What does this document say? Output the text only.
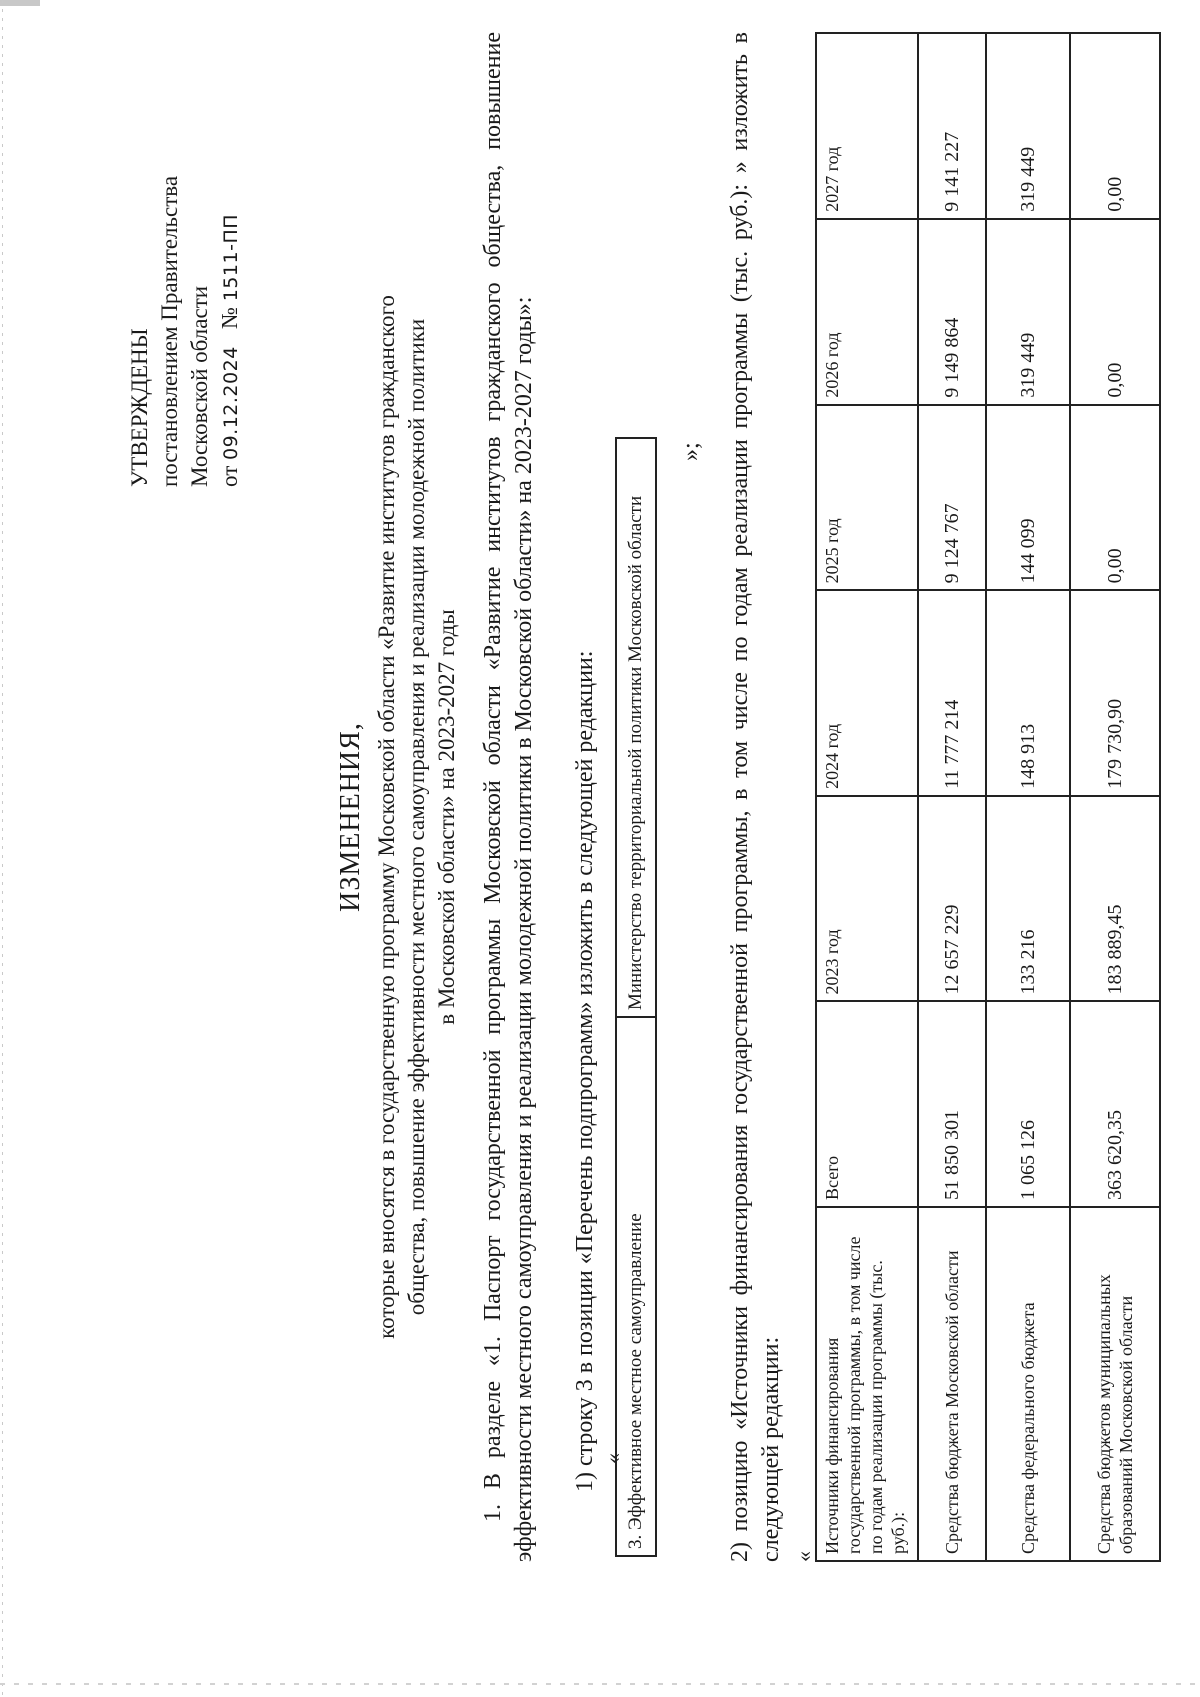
УТВЕРЖДЕНЫ постановлением Правительства Московской области от 09.12.2024   № 1511-ПП
ИЗМЕНЕНИЯ, которые вносятся в государственную программу Московской области «Развитие институтов гражданского общества, повышение эффективности местного самоуправления и реализации молодежной политики в Московской области» на 2023-2027 годы 1. В разделе «1. Паспорт государственной программы Московской области «Развитие институтов гражданского общества, повышение эффективности местного самоуправления и реализации молодежной политики в Московской области» на 2023-2027 годы»: 1) строку 3 в позиции «Перечень подпрограмм» изложить в следующей редакции: « 3. Эффективное местное самоуправление	Министерство территориальной политики Московской области
»; 2) позицию «Источники финансирования государственной программы, в том числе по годам реализации программы (тыс. руб.): » изложить в следующей редакции: «
Источники финансирования государственной программы, в том числе по годам реализации программы (тыс. руб.):	Всего	2023 год	2024 год	2025 год	2026 год	2027 год
Средства бюджета Московской области	51 850 301	12 657 229	11 777 214	9 124 767	9 149 864	9 141 227
Средства федерального бюджета	1 065 126	133 216	148 913	144 099	319 449	319 449
Средства бюджетов муниципальных образований Московской области	363 620,35	183 889,45	179 730,90	0,00	0,00	0,00
